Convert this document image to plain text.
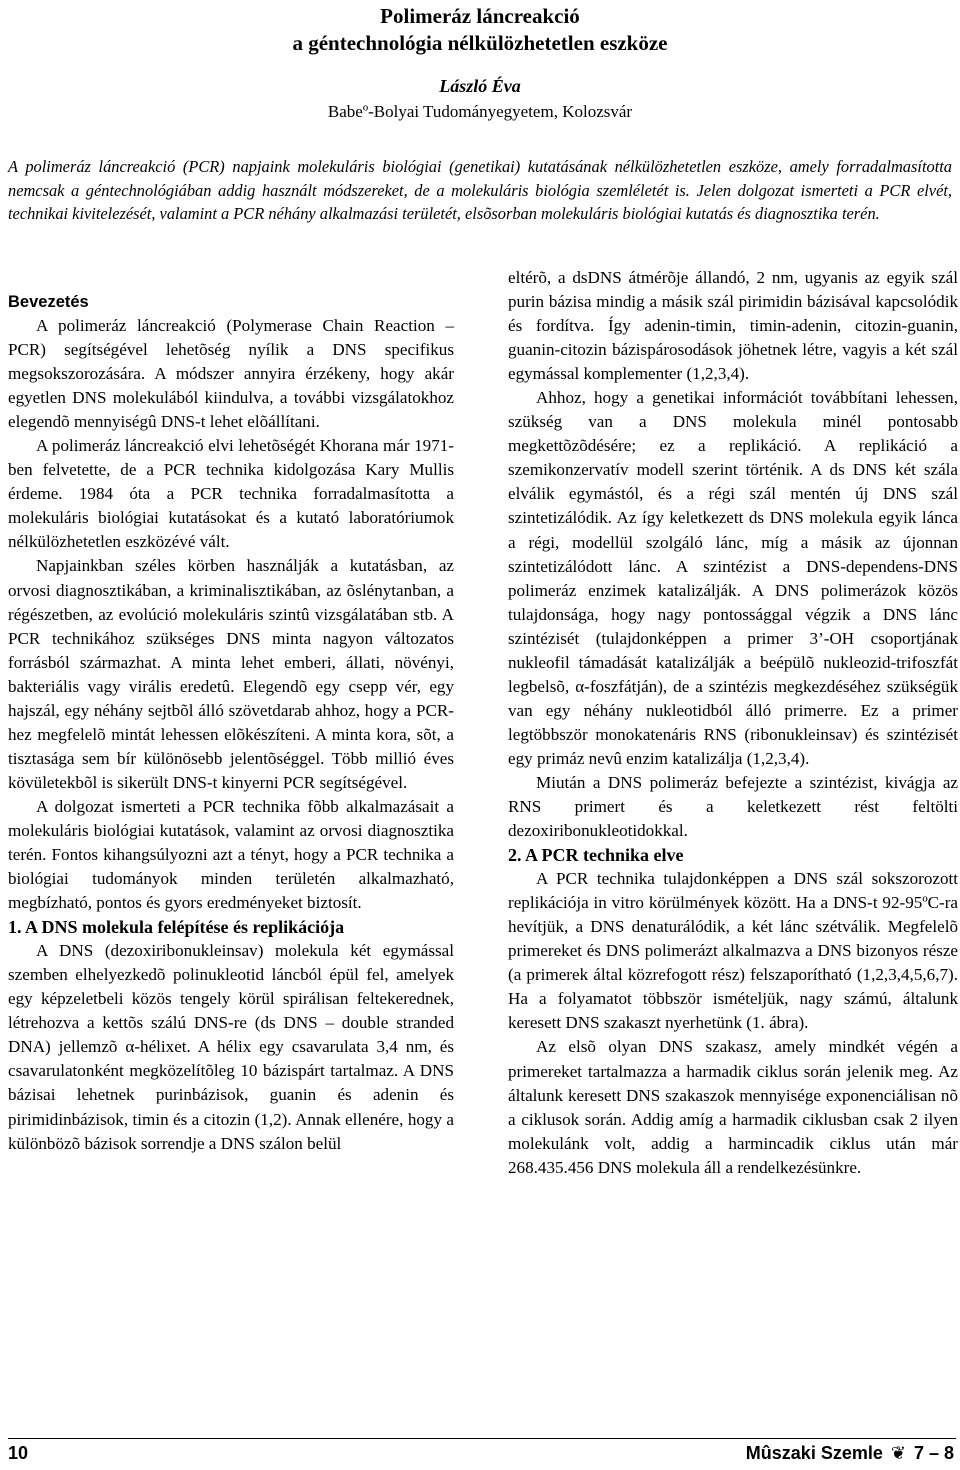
Polimeráz láncreakció
a géntechnológia nélkülözhetetlen eszköze
László Éva
Babeº-Bolyai Tudományegyetem, Kolozsvár

A polimeráz láncreakció (PCR) napjaink molekuláris biológiai (genetikai) kutatásának nélkülözhetetlen eszköze, amely forradalmasította nemcsak a géntechnológiában addig használt módszereket, de a molekuláris biológia szemléletét is. Jelen dolgozat ismerteti a PCR elvét, technikai kivitelezését, valamint a PCR néhány alkalmazási területét, elsõsorban molekuláris biológiai kutatás és diagnosztika terén.

Bevezetés

A polimeráz láncreakció (Polymerase Chain Reaction – PCR) segítségével lehetõség nyílik a DNS specifikus megsokszorozására. A módszer annyira érzékeny, hogy akár egyetlen DNS molekulából kiindulva, a további vizsgálatokhoz elegendõ mennyiségû DNS-t lehet elõállítani.

A polimeráz láncreakció elvi lehetõségét Khorana már 1971-ben felvetette, de a PCR technika kidolgozása Kary Mullis érdeme. 1984 óta a PCR technika forradalmasította a molekuláris biológiai kutatásokat és a kutató laboratóriumok nélkülözhetetlen eszközévé vált.

Napjainkban széles körben használják a kutatásban, az orvosi diagnosztikában, a kriminalisztikában, az õslénytanban, a régészetben, az evolúció molekuláris szintû vizsgálatában stb. A PCR technikához szükséges DNS minta nagyon változatos forrásból származhat. A minta lehet emberi, állati, növényi, bakteriális vagy virális eredetû. Elegendõ egy csepp vér, egy hajszál, egy néhány sejtbõl álló szövetdarab ahhoz, hogy a PCR-hez megfelelõ mintát lehessen elõkészíteni. A minta kora, sõt, a tisztasága sem bír különösebb jelentõséggel. Több millió éves kövületekbõl is sikerült DNS-t kinyerni PCR segítségével.

A dolgozat ismerteti a PCR technika fõbb alkalmazásait a molekuláris biológiai kutatások, valamint az orvosi diagnosztika terén. Fontos kihangsúlyozni azt a tényt, hogy a PCR technika a biológiai tudományok minden területén alkalmazható, megbízható, pontos és gyors eredményeket biztosít.

1. A DNS molekula felépítése és replikációja

A DNS (dezoxiribonukleinsav) molekula két egymással szemben elhelyezkedõ polinukleotid láncból épül fel, amelyek egy képzeletbeli közös tengely körül spirálisan feltekerednek, létrehozva a kettõs szálú DNS-re (ds DNS – double stranded DNA) jellemzõ α-hélixet. A hélix egy csavarulata 3,4 nm, és csavarulatonként megközelítõleg 10 bázispárt tartalmaz. A DNS bázisai lehetnek purinbázisok, guanin és adenin és pirimidinbázisok, timin és a citozin (1,2). Annak ellenére, hogy a különbözõ bázisok sorrendje a DNS szálon belül

eltérõ, a dsDNS átmérõje állandó, 2 nm, ugyanis az egyik szál purin bázisa mindig a másik szál pirimidin bázisával kapcsolódik és fordítva. Így adenin-timin, timin-adenin, citozin-guanin, guanin-citozin bázispárosodások jöhetnek létre, vagyis a két szál egymással komplementer (1,2,3,4).

Ahhoz, hogy a genetikai információt továbbítani lehessen, szükség van a DNS molekula minél pontosabb megkettõzõdésére; ez a replikáció. A replikáció a szemikonzervatív modell szerint történik. A ds DNS két szála elválik egymástól, és a régi szál mentén új DNS szál szintetizálódik. Az így keletkezett ds DNS molekula egyik lánca a régi, modellül szolgáló lánc, míg a másik az újonnan szintetizálódott lánc. A szintézist a DNS-dependens-DNS polimeráz enzimek katalizálják. A DNS polimerázok közös tulajdonsága, hogy nagy pontossággal végzik a DNS lánc szintézisét (tulajdonképpen a primer 3’-OH csoportjának nukleofil támadását katalizálják a beépülõ nukleozid-trifoszfát legbelsõ, α-foszfátján), de a szintézis megkezdéséhez szükségük van egy néhány nukleotidból álló primerre. Ez a primer legtöbbször monokatenáris RNS (ribonukleinsav) és szintézisét egy primáz nevû enzim katalizálja (1,2,3,4).

Miután a DNS polimeráz befejezte a szintézist, kivágja az RNS primert és a keletkezett rést feltölti dezoxiribonukleotidokkal.

2. A PCR technika elve

A PCR technika tulajdonképpen a DNS szál sokszorozott replikációja in vitro körülmények között. Ha a DNS-t 92-95ºC-ra hevítjük, a DNS denaturálódik, a két lánc szétválik. Megfelelõ primereket és DNS polimerázt alkalmazva a DNS bizonyos része (a primerek által közrefogott rész) felszaporítható (1,2,3,4,5,6,7). Ha a folyamatot többször ismételjük, nagy számú, általunk keresett DNS szakaszt nyerhetünk (1. ábra).

Az elsõ olyan DNS szakasz, amely mindkét végén a primereket tartalmazza a harmadik ciklus során jelenik meg. Az általunk keresett DNS szakaszok mennyisége exponenciálisan nõ a ciklusok során. Addig amíg a harmadik ciklusban csak 2 ilyen molekulánk volt, addig a harmincadik ciklus után már 268.435.456 DNS molekula áll a rendelkezésünkre.

10	Mûszaki Szemle ❦ 7 – 8
